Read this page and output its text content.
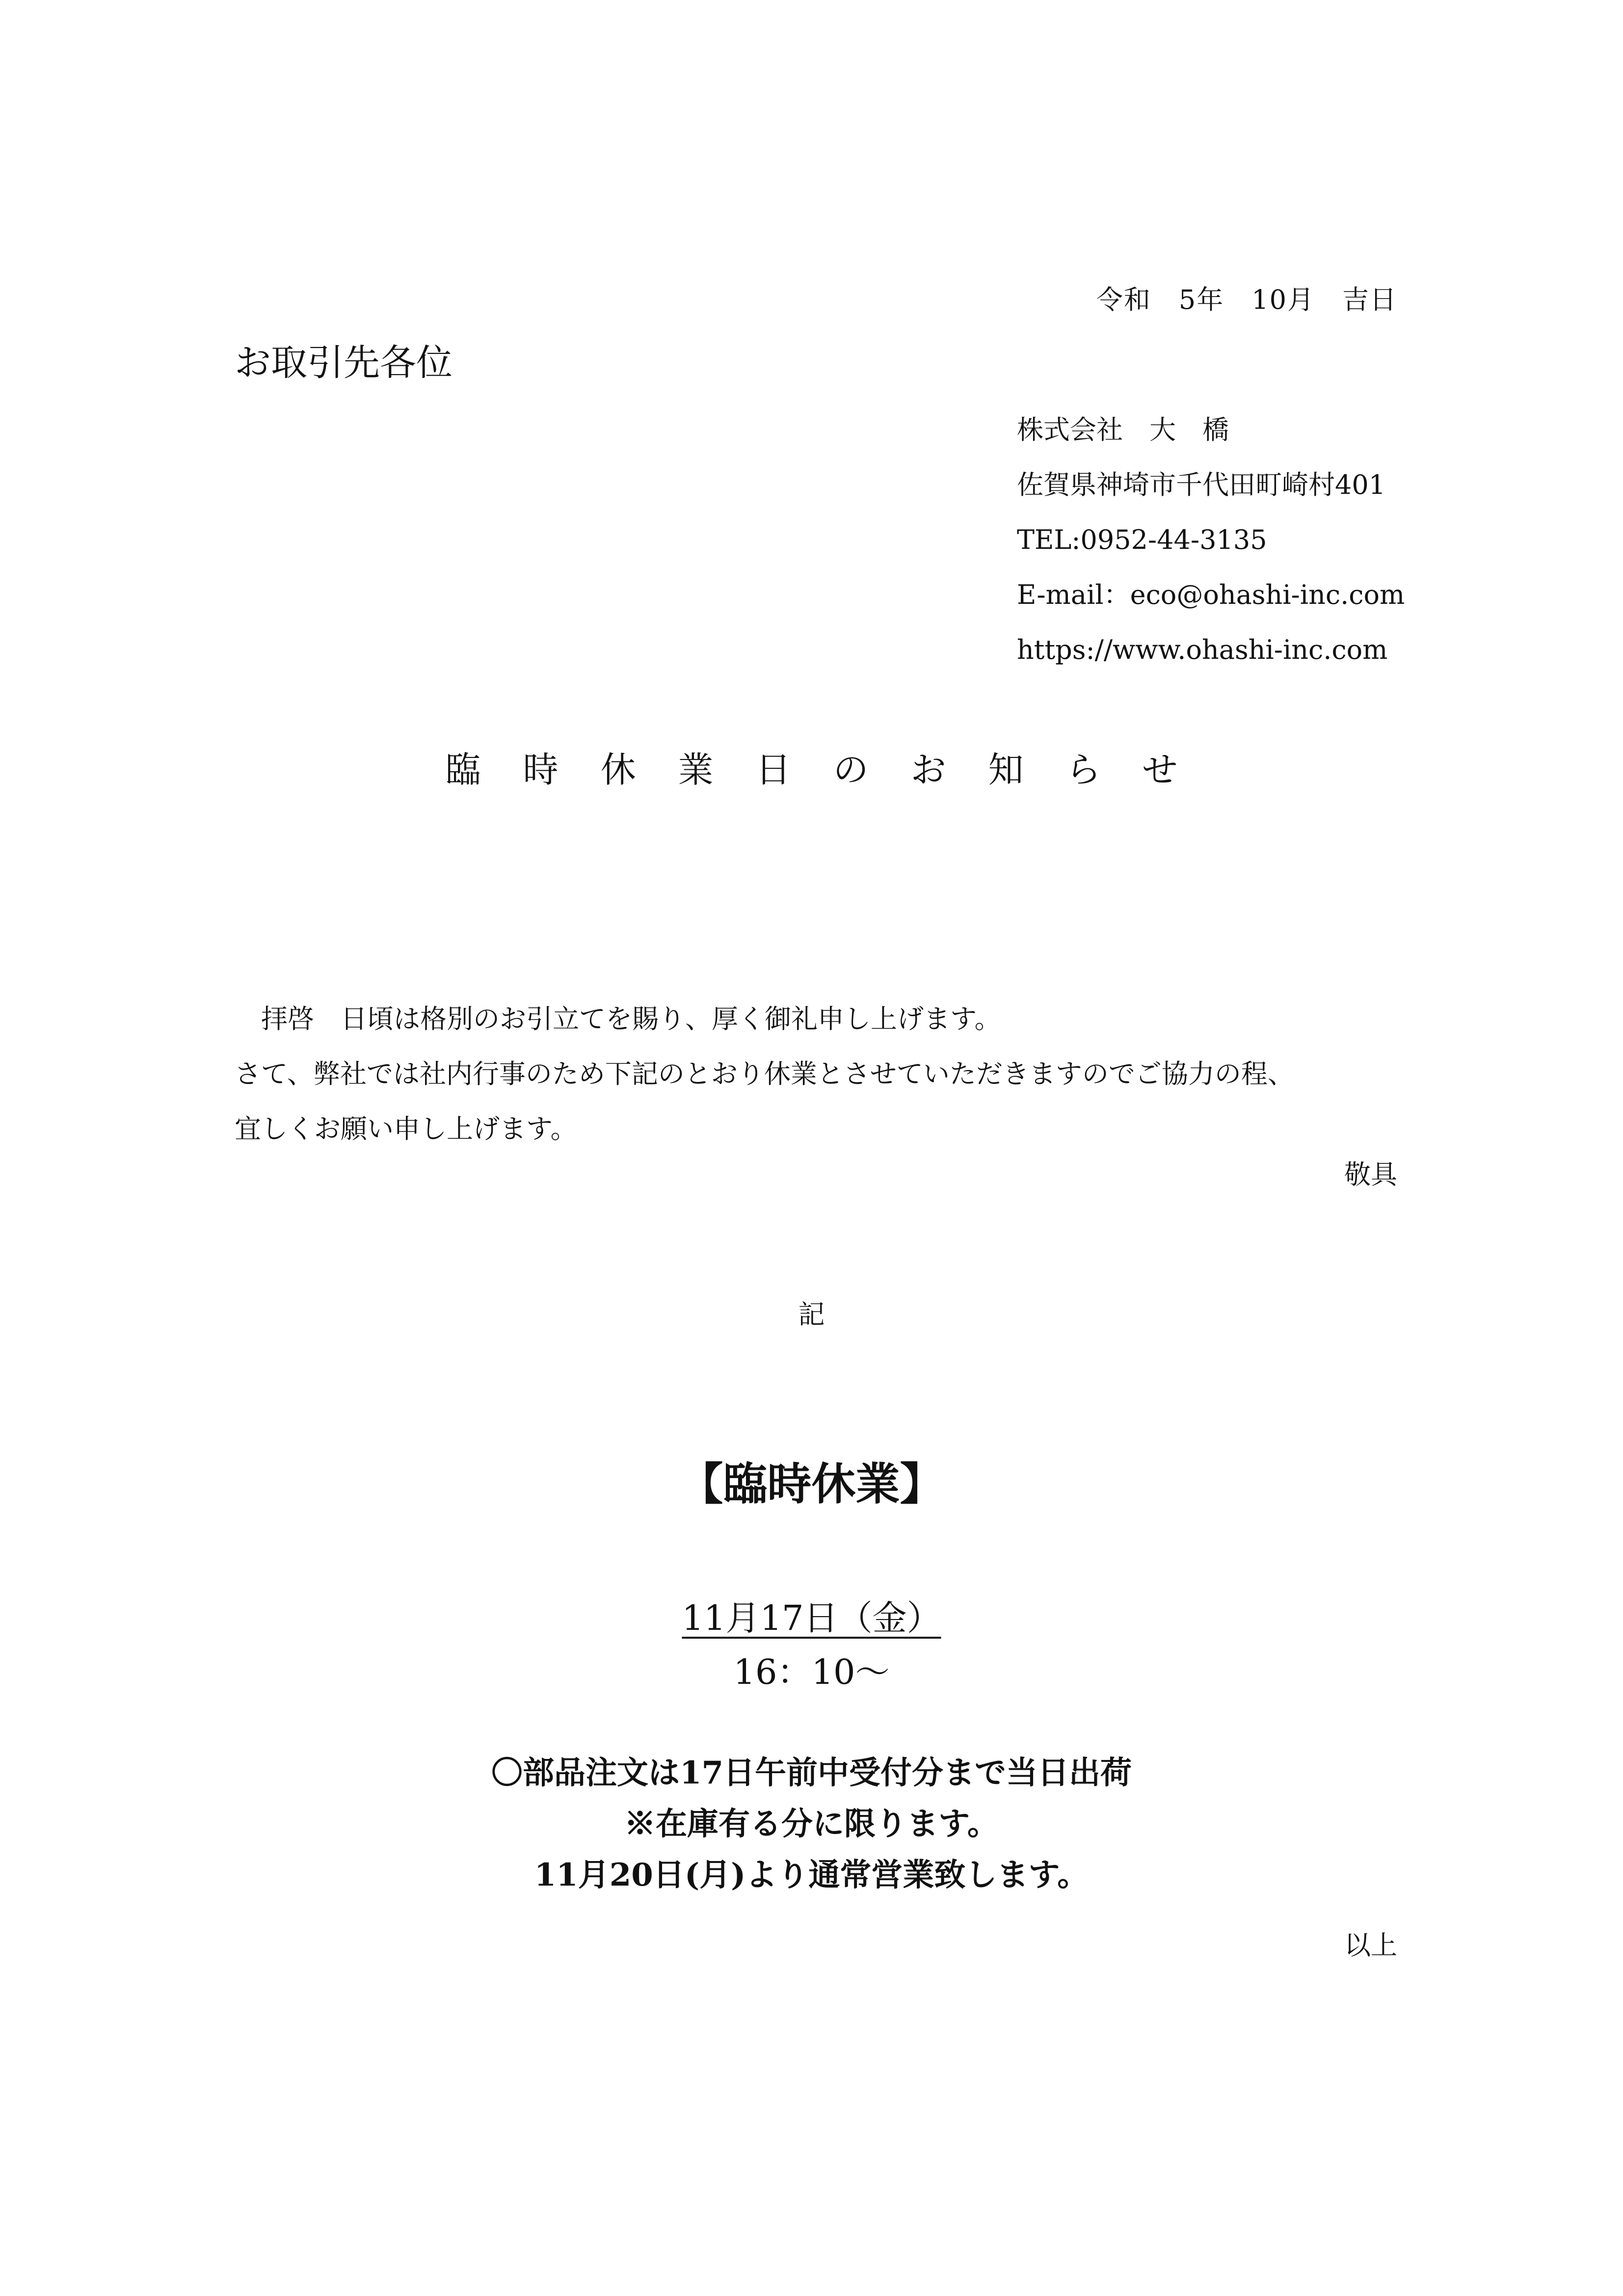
令和　5年　10月　吉日
お取引先各位
株式会社　大　橋
佐賀県神埼市千代田町崎村401
TEL:0952-44-3135
E-mail：eco@ohashi-inc.com
https://www.ohashi-inc.com
臨時休業日のお知らせ
　拝啓　日頃は格別のお引立てを賜り、厚く御礼申し上げます。
さて、弊社では社内行事のため下記のとおり休業とさせていただきますのでご協力の程、
宜しくお願い申し上げます。
敬具
記
【臨時休業】
11月17日（金）
16：10～
〇部品注文は17日午前中受付分まで当日出荷
※在庫有る分に限ります。
11月20日(月)より通常営業致します。
以上
